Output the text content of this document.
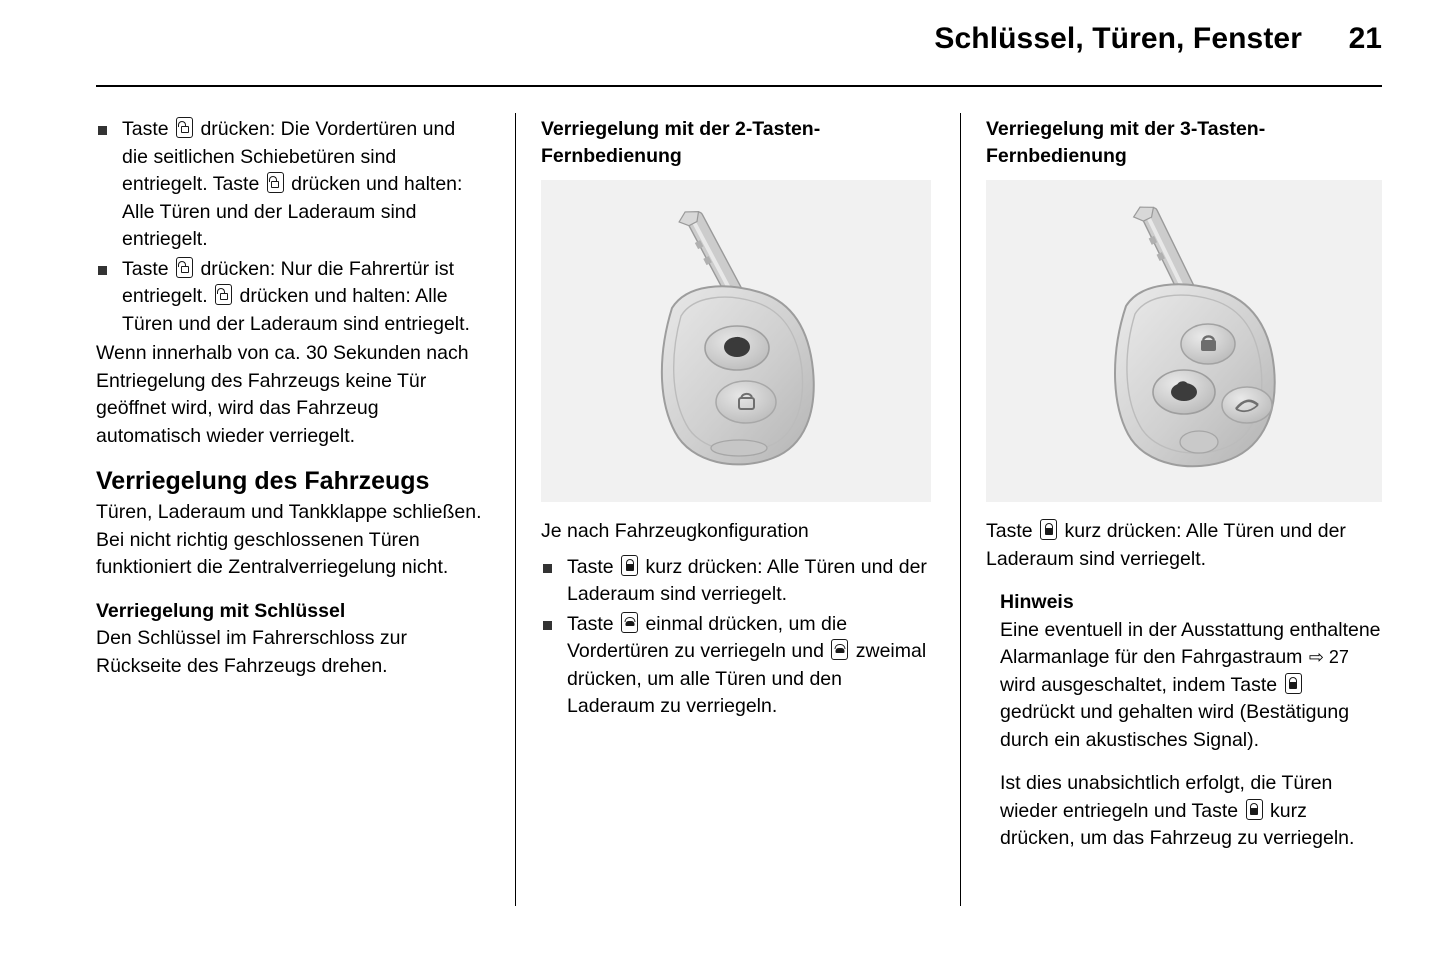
Schlüssel, Türen, Fenster 21
Taste  drücken: Die Vordertüren und die seitlichen Schiebetüren sind entriegelt. Taste  drücken und halten: Alle Türen und der Laderaum sind entriegelt.
Taste  drücken: Nur die Fahrertür ist entriegelt.  drücken und halten: Alle Türen und der Laderaum sind entriegelt.

Wenn innerhalb von ca. 30 Sekunden nach Entriegelung des Fahrzeugs keine Tür geöffnet wird, wird das Fahrzeug automatisch wieder verriegelt.

Verriegelung des Fahrzeugs

Türen, Laderaum und Tankklappe schließen. Bei nicht richtig geschlossenen Türen funktioniert die Zentralverriegelung nicht.

Verriegelung mit Schlüssel

Den Schlüssel im Fahrerschloss zur Rückseite des Fahrzeugs drehen.

Verriegelung mit der 2-Tasten-Fernbedienung

Je nach Fahrzeugkonfiguration

Taste  kurz drücken: Alle Türen und der Laderaum sind verriegelt.
Taste  einmal drücken, um die Vordertüren zu verriegeln und  zweimal drücken, um alle Türen und den Laderaum zu verriegeln.
Verriegelung mit der 3-Tasten-Fernbedienung

Taste  kurz drücken: Alle Türen und der Laderaum sind verriegelt.

Hinweis

Eine eventuell in der Ausstattung enthaltene Alarmanlage für den Fahrgastraum ⇨ 27 wird ausgeschaltet, indem Taste  gedrückt und gehalten wird (Bestätigung durch ein akustisches Signal).

Ist dies unabsichtlich erfolgt, die Türen wieder entriegeln und Taste  kurz drücken, um das Fahrzeug zu verriegeln.
